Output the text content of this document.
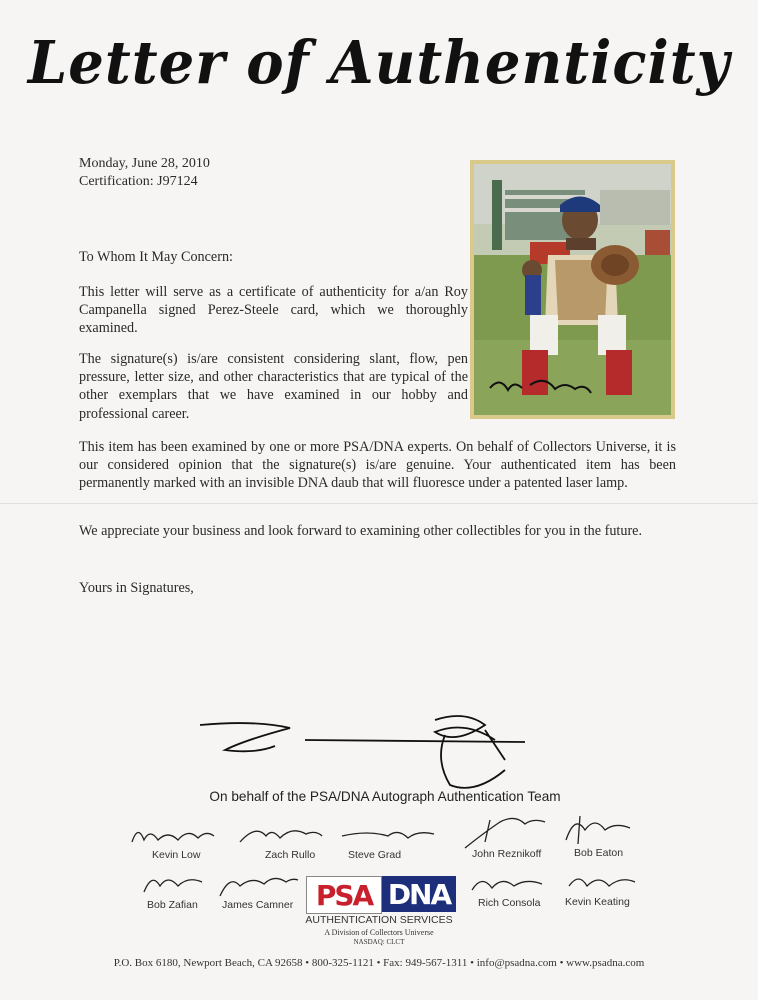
Letter of Authenticity
Monday, June 28, 2010
Certification: J97124
To Whom It May Concern:
This letter will serve as a certificate of authenticity for a/an Roy Campanella signed Perez-Steele card, which we thoroughly examined.
The signature(s) is/are consistent considering slant, flow, pen pressure, letter size, and other characteristics that are typical of the other exemplars that we have examined in our hobby and professional career.
This item has been examined by one or more PSA/DNA experts. On behalf of Collectors Universe, it is our considered opinion that the signature(s) is/are genuine. Your authenticated item has been permanently marked with an invisible DNA daub that will fluoresce under a patented laser lamp.
We appreciate your business and look forward to examining other collectibles for you in the future.
Yours in Signatures,
On behalf of the PSA/DNA Autograph Authentication Team
Kevin Low	Zach Rullo	Steve Grad	John Reznikoff	Bob Eaton
Bob Zafian James Camner	Rich Consola Kevin Keating
PSA DNA
AUTHENTICATION SERVICES
A Division of Collectors Universe
NASDAQ: CLCT
P.O. Box 6180, Newport Beach, CA 92658 • 800-325-1121 • Fax: 949-567-1311 • info@psadna.com • www.psadna.com
